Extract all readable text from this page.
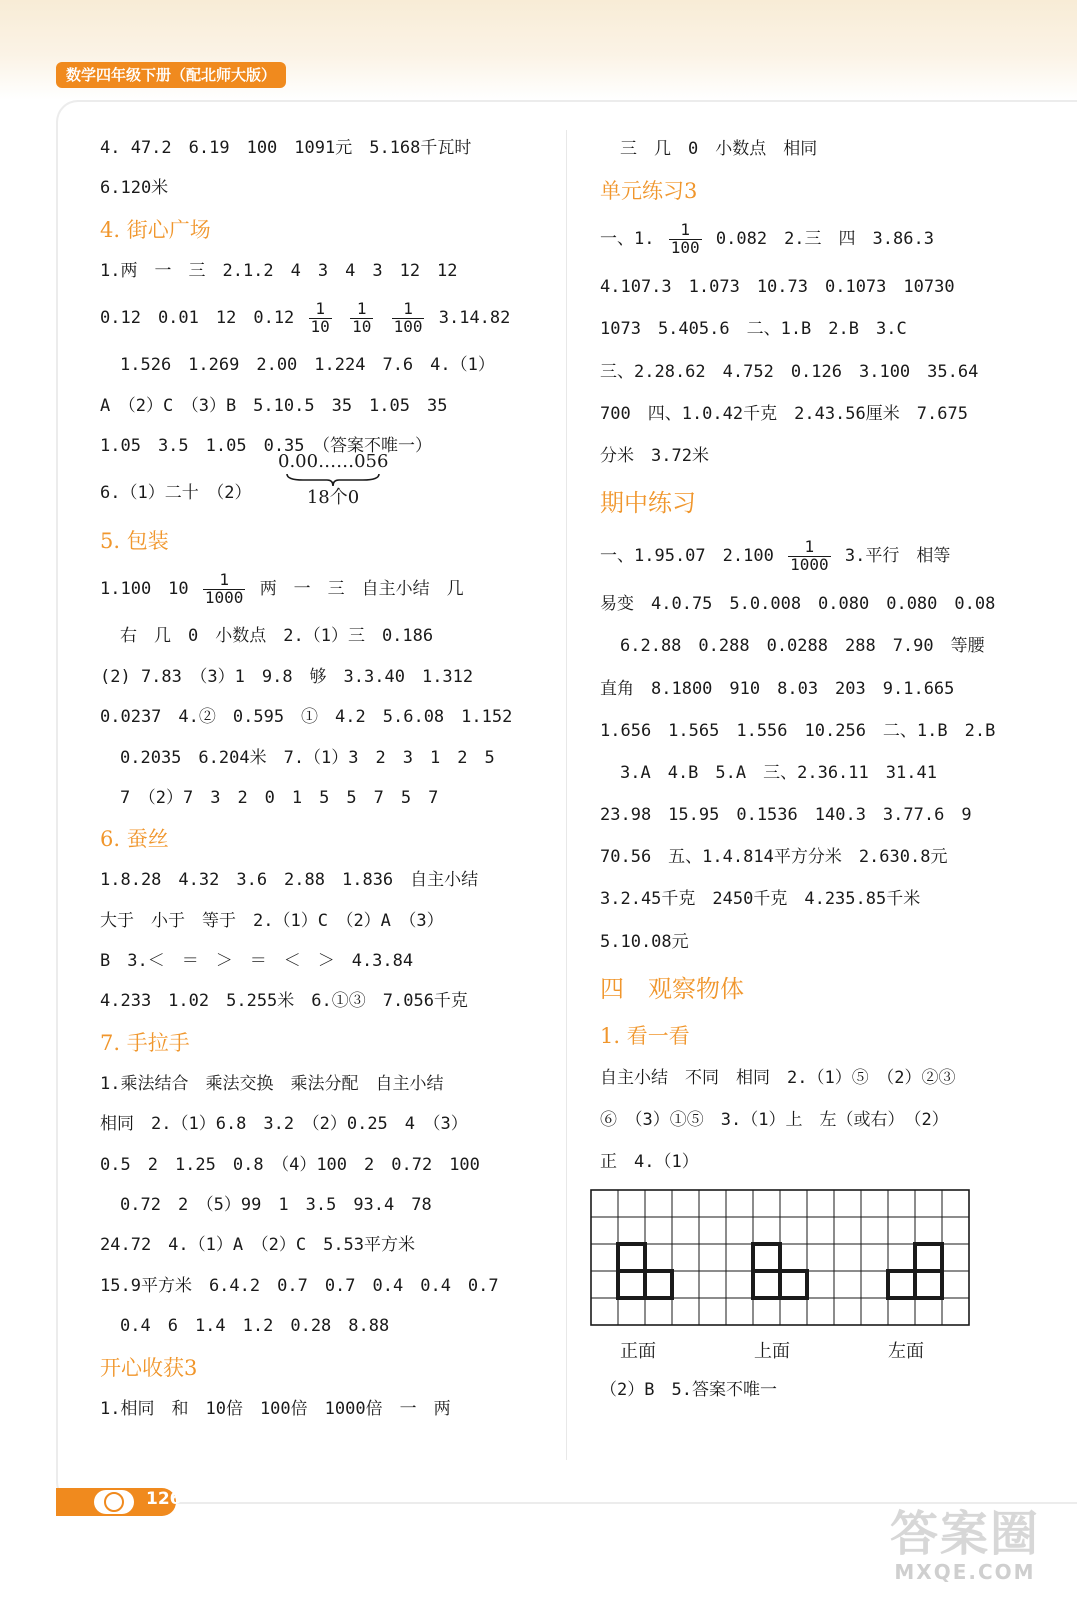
数学四年级下册（配北师大版）
4. 47.2　6.19　100　1091元　5.168千瓦时
6.120米
4. 街心广场
1.两　一　三　2.1.2　4　3　4　3　12　12
0.12　0.01　12　$0.12 \frac{1}{10}$
$\frac{1}{10}$
$\frac{1}{100} 3.14.82$
1.526　1.269　2.00　1.224　7.6　4.（1）
A　（2）C　（3）B　5.10.5　35　1.05　35
1.05　3.5　1.05　0.35　（答案不唯一）
6.（1）二十　（2）
0.00……056
18个0
5. 包装
1.100　$10 \frac{1}{1000}$ 两　一　三　自主小结　几
右　几　0　小数点　2.（1）三　0.186
(2) 7.83　（3）1　9.8　够　3.3.40　1.312
0.0237　4.②　0.595　①　4.2　5.6.08　1.152
0.2035　6.204米　7.（1）3　2　3　1　2　5
7　（2）7　3　2　0　1　5　5　7　5　7
6. 蚕丝
1.8.28　4.32　3.6　2.88　1.836　自主小结
大于　小于　等于　2.（1）C　（2）A　（3）
B　3.＜　＝　＞　＝　＜　＞　4.3.84
4.233　1.02　5.255米　6.①③　7.056千克
7. 手拉手
1.乘法结合　乘法交换　乘法分配　自主小结
相同　2.（1）6.8　3.2　（2）0.25　4　（3）
0.5　2　1.25　0.8　（4）100　2　0.72　100
0.72　2　（5）99　1　3.5　93.4　78
24.72　4.（1）A　（2）C　5.53平方米
15.9平方米　6.4.2　0.7　0.7　0.4　0.4　0.7
0.4　6　1.4　1.2　0.28　8.88
开心收获3
1.相同　和　10倍　100倍　1000倍　一　两
三　几　0　小数点　相同
单元练习3
一、1. $\frac{1}{100} 0.082$　2.三　四　3.86.3
4.107.3　1.073　10.73　0.1073　10730
1073　5.405.6　二、1.B　2.B　3.C
三、2.28.62　4.752　0.126　3.100　35.64
700　四、1.0.42千克　2.43.56厘米　7.675
分米　3.72米
期中练习
一、1.95.07　$2.100 \frac{1}{1000} 3$.平行　相等
易变　4.0.75　5.0.008　0.080　0.080　0.08
6.2.88　0.288　0.0288　288　7.90　等腰
直角　8.1800　910　8.03　203　9.1.665
1.656　1.565　1.556　10.256　二、1.B　2.B
3.A　4.B　5.A　三、2.36.11　31.41
23.98　15.95　0.1536　140.3　3.77.6　9
70.56　五、1.4.814平方分米　2.630.8元
3.2.45千克　2450千克　4.235.85千米
5.10.08元
四　观察物体
1. 看一看
自主小结　不同　相同　2.（1）⑤　（2）②③
⑥　（3）①⑤　3.（1）上　左（或右）　（2）
正　4.（1）
正面	上面	左面
（2）B　5.答案不唯一
126
答案圈
MXQE.COM
